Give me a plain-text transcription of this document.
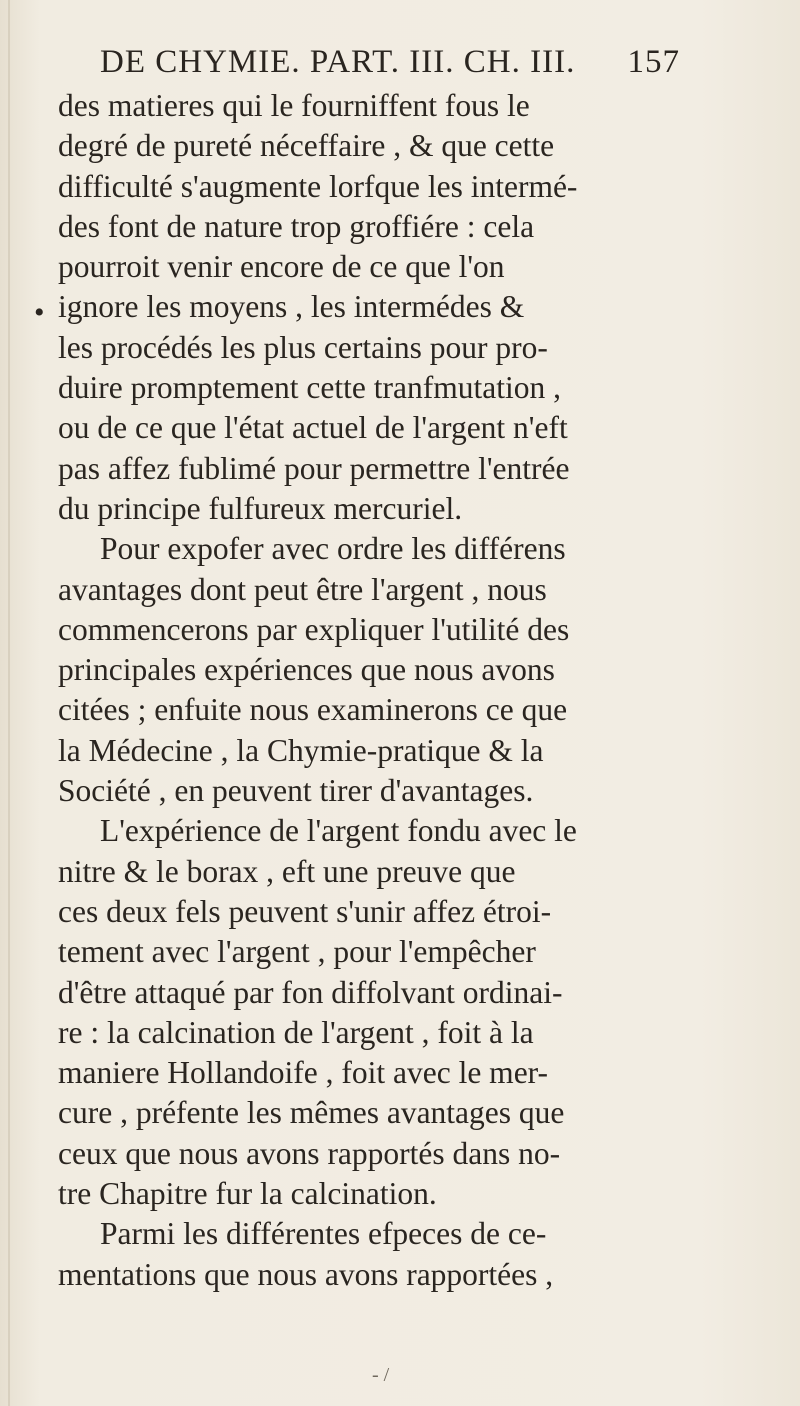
DE CHYMIE. PART. III. CH. III. 157
•
des matieres qui le fourniffent fous le
degré de pureté néceffaire , & que cette
difficulté s'augmente lorfque les intermé-
des font de nature trop groffiére : cela
pourroit venir encore de ce que l'on
ignore les moyens , les intermédes &
les procédés les plus certains pour pro-
duire promptement cette tranfmutation ,
ou de ce que l'état actuel de l'argent n'eft
pas affez fublimé pour permettre l'entrée
du principe fulfureux mercuriel.
Pour expofer avec ordre les différens
avantages dont peut être l'argent , nous
commencerons par expliquer l'utilité des
principales expériences que nous avons
citées ; enfuite nous examinerons ce que
la Médecine , la Chymie-pratique & la
Société , en peuvent tirer d'avantages.
L'expérience de l'argent fondu avec le
nitre & le borax , eft une preuve que
ces deux fels peuvent s'unir affez étroi-
tement avec l'argent , pour l'empêcher
d'être attaqué par fon diffolvant ordinai-
re : la calcination de l'argent , foit à la
maniere Hollandoife , foit avec le mer-
cure , préfente les mêmes avantages que
ceux que nous avons rapportés dans no-
tre Chapitre fur la calcination.
Parmi les différentes efpeces de ce-
mentations que nous avons rapportées ,
- /
